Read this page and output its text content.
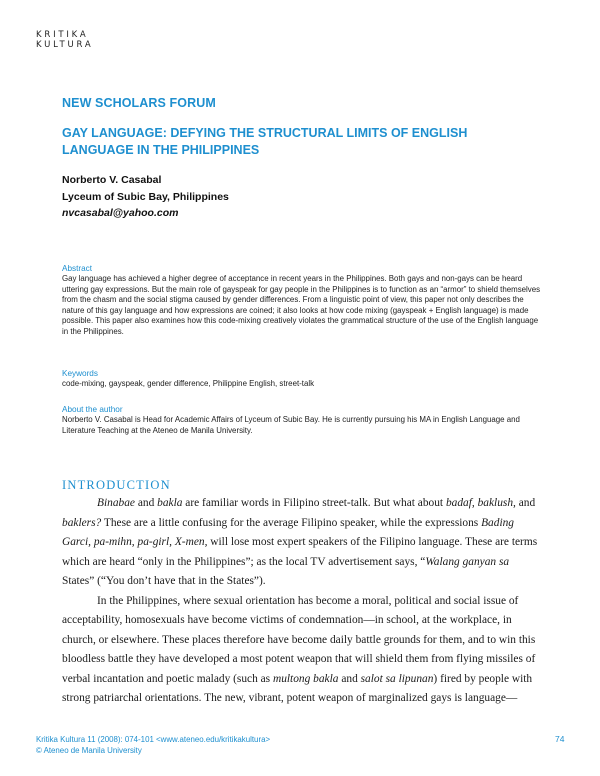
KRITIKA
KULTURA
NEW SCHOLARS FORUM
GAY LANGUAGE: DEFYING THE STRUCTURAL LIMITS OF ENGLISH LANGUAGE IN THE PHILIPPINES
Norberto V. Casabal
Lyceum of Subic Bay, Philippines
nvcasabal@yahoo.com
Abstract
Gay language has achieved a higher degree of acceptance in recent years in the Philippines. Both gays and non-gays can be heard uttering gay expressions. But the main role of gayspeak for gay people in the Philippines is to function as an “armor” to shield themselves from the chasm and the social stigma caused by gender differences. From a linguistic point of view, this paper not only describes the nature of this gay language and how expressions are coined; it also looks at how code mixing (gayspeak + English language) is made possible. This paper also examines how this code-mixing creatively violates the grammatical structure of the use of the English language in the Philippines.
Keywords
code-mixing, gayspeak, gender difference, Philippine English, street-talk
About the author
Norberto V. Casabal is Head for Academic Affairs of Lyceum of Subic Bay. He is currently pursuing his MA in English Language and Literature Teaching at the Ateneo de Manila University.
INTRODUCTION

Binabae and bakla are familiar words in Filipino street-talk. But what about badaf, baklush, and baklers? These are a little confusing for the average Filipino speaker, while the expressions Bading Garci, pa-mihn, pa-girl, X-men, will lose most expert speakers of the Filipino language. These are terms which are heard “only in the Philippines”; as the local TV advertisement says, “Walang ganyan sa States” (“You don’t have that in the States”).

In the Philippines, where sexual orientation has become a moral, political and social issue of acceptability, homosexuals have become victims of condemnation—in school, at the workplace, in church, or elsewhere. These places therefore have become daily battle grounds for them, and to win this bloodless battle they have developed a most potent weapon that will shield them from flying missiles of verbal incantation and poetic malady (such as multong bakla and salot sa lipunan) fired by people with strong patriarchal orientations. The new, vibrant, potent weapon of marginalized gays is language—

Kritika Kultura 11 (2008): 074-101 <www.ateneo.edu/kritikakultura>
© Ateneo de Manila University
74
